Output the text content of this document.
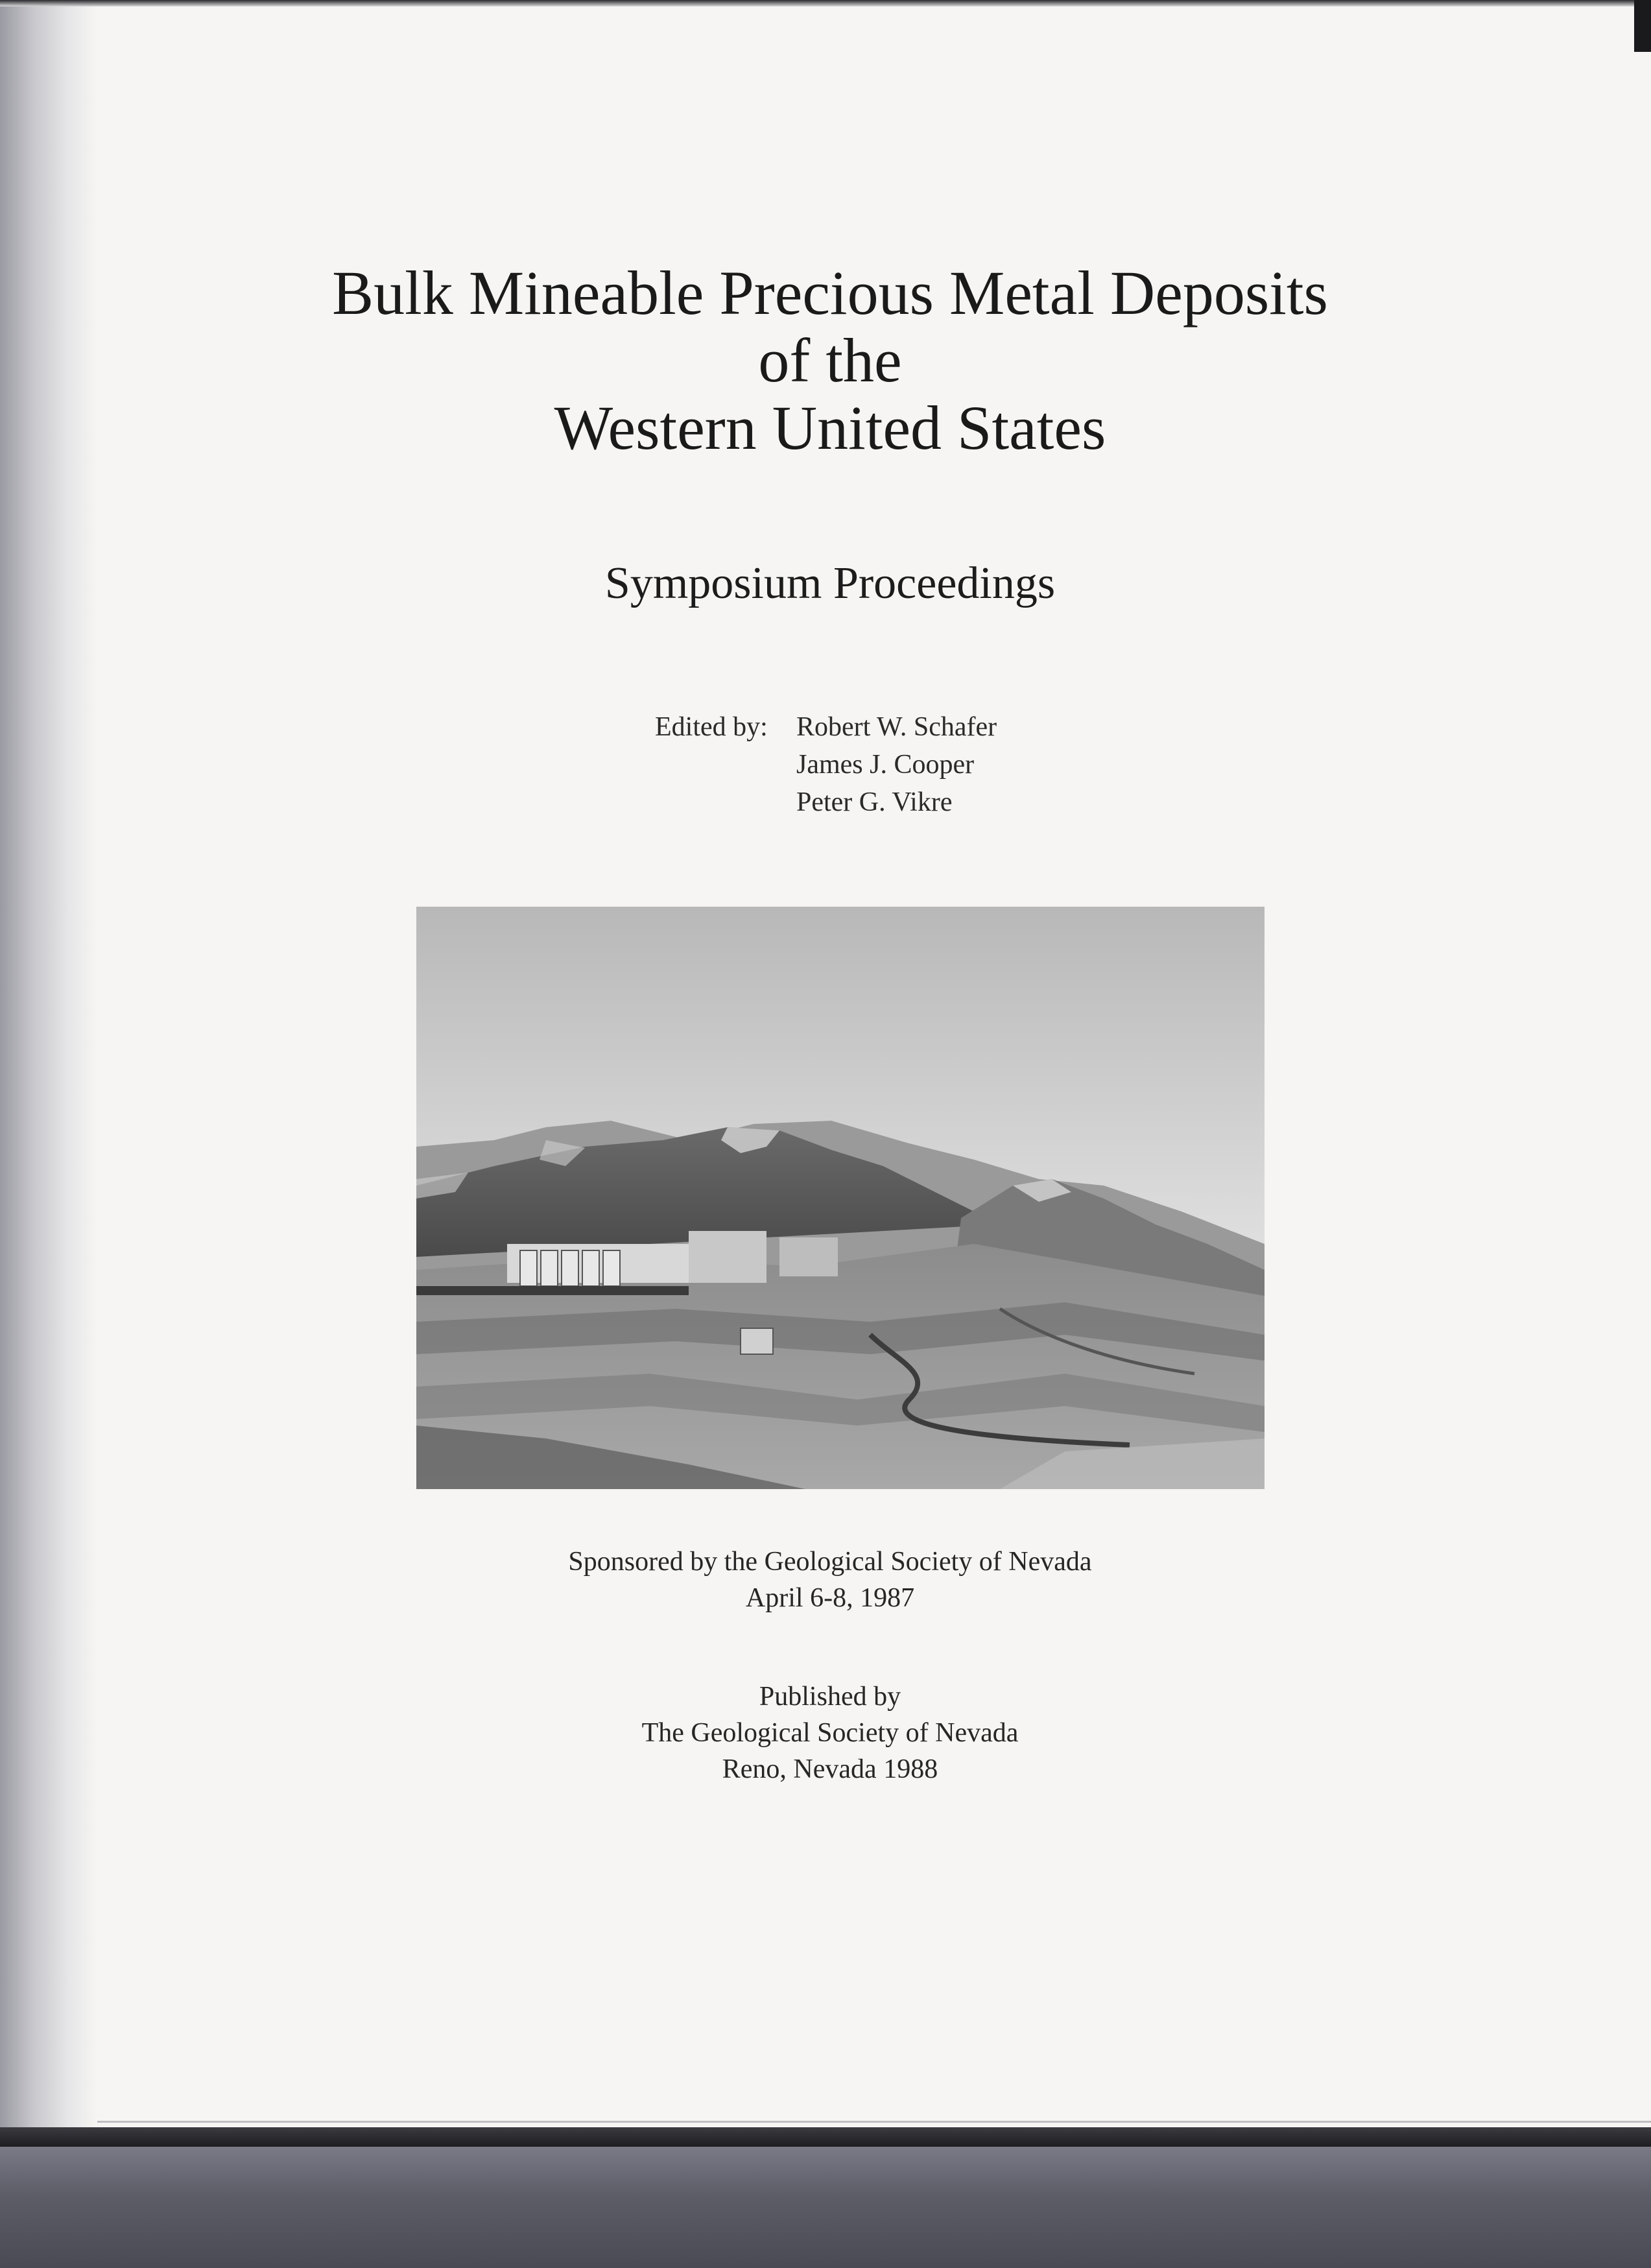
Bulk Mineable Precious Metal Deposits
of the
Western United States
Symposium Proceedings
Edited by: Robert W. Schafer
James J. Cooper
Peter G. Vikre
Sponsored by the Geological Society of Nevada
April 6-8, 1987
Published by
The Geological Society of Nevada
Reno, Nevada 1988
